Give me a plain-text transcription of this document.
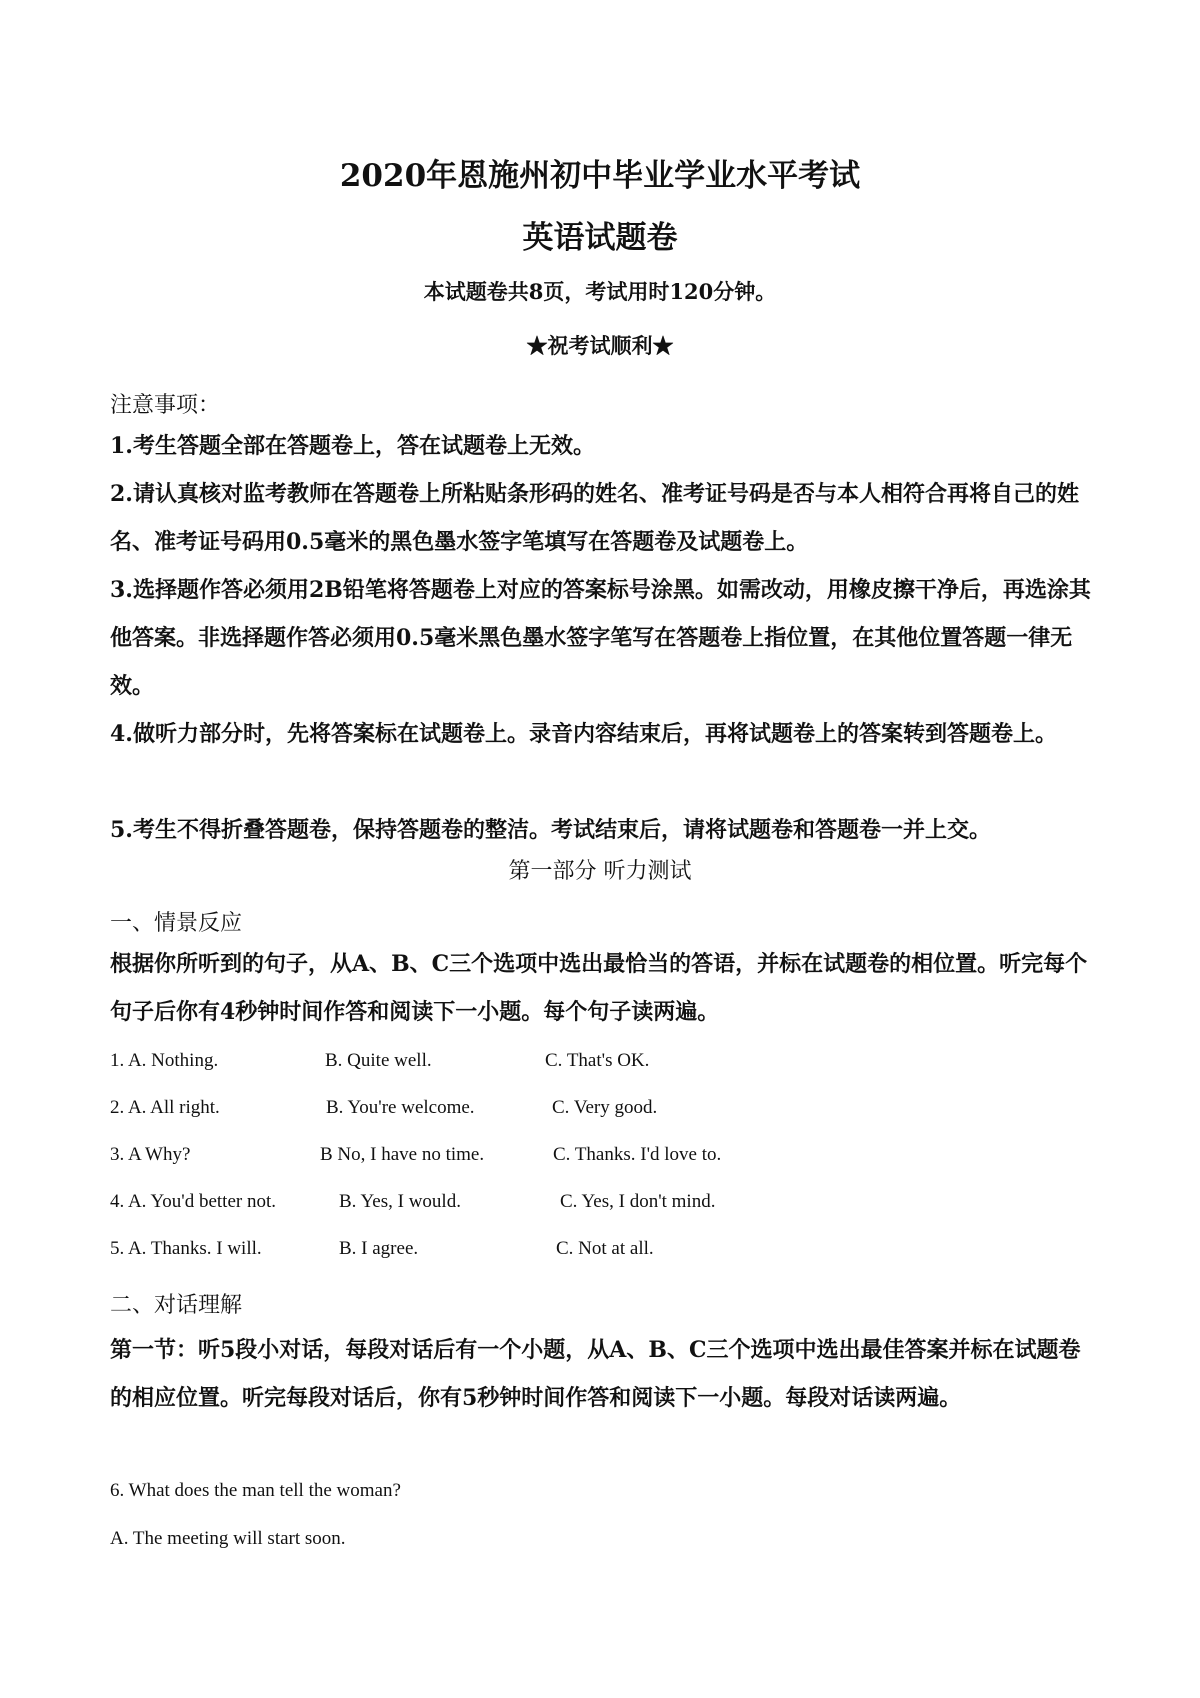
2020年恩施州初中毕业学业水平考试
英语试题卷
本试题卷共8页，考试用时120分钟。
★祝考试顺利★
注意事项：

1.考生答题全部在答题卷上，答在试题卷上无效。

2.请认真核对监考教师在答题卷上所粘贴条形码的姓名、准考证号码是否与本人相符合再将自己的姓名、准考证号码用0.5毫米的黑色墨水签字笔填写在答题卷及试题卷上。

3.选择题作答必须用2B铅笔将答题卷上对应的答案标号涂黑。如需改动，用橡皮擦干净后，再选涂其他答案。非选择题作答必须用0.5毫米黑色墨水签字笔写在答题卷上指位置，在其他位置答题一律无效。

4.做听力部分时，先将答案标在试题卷上。录音内容结束后，再将试题卷上的答案转到答题卷上。

5.考生不得折叠答题卷，保持答题卷的整洁。考试结束后，请将试题卷和答题卷一并上交。

第一部分 听力测试
一、情景反应

根据你所听到的句子，从A、B、C三个选项中选出最恰当的答语，并标在试题卷的相位置。听完每个句子后你有4秒钟时间作答和阅读下一小题。每个句子读两遍。

1. A. Nothing.	B. Quite well.	C. That's OK.
2. A. All right.	B. You're welcome.	C. Very good.
3. A Why?	B No, I have no time.	C. Thanks. I'd love to.
4. A. You'd better not.	B. Yes, I would.	C. Yes, I don't mind.
5. A. Thanks. I will.	B. I agree.	C. Not at all.
二、对话理解

第一节：听5段小对话，每段对话后有一个小题，从A、B、C三个选项中选出最佳答案并标在试题卷的相应位置。听完每段对话后，你有5秒钟时间作答和阅读下一小题。每段对话读两遍。

6. What does the man tell the woman?
A. The meeting will start soon.
